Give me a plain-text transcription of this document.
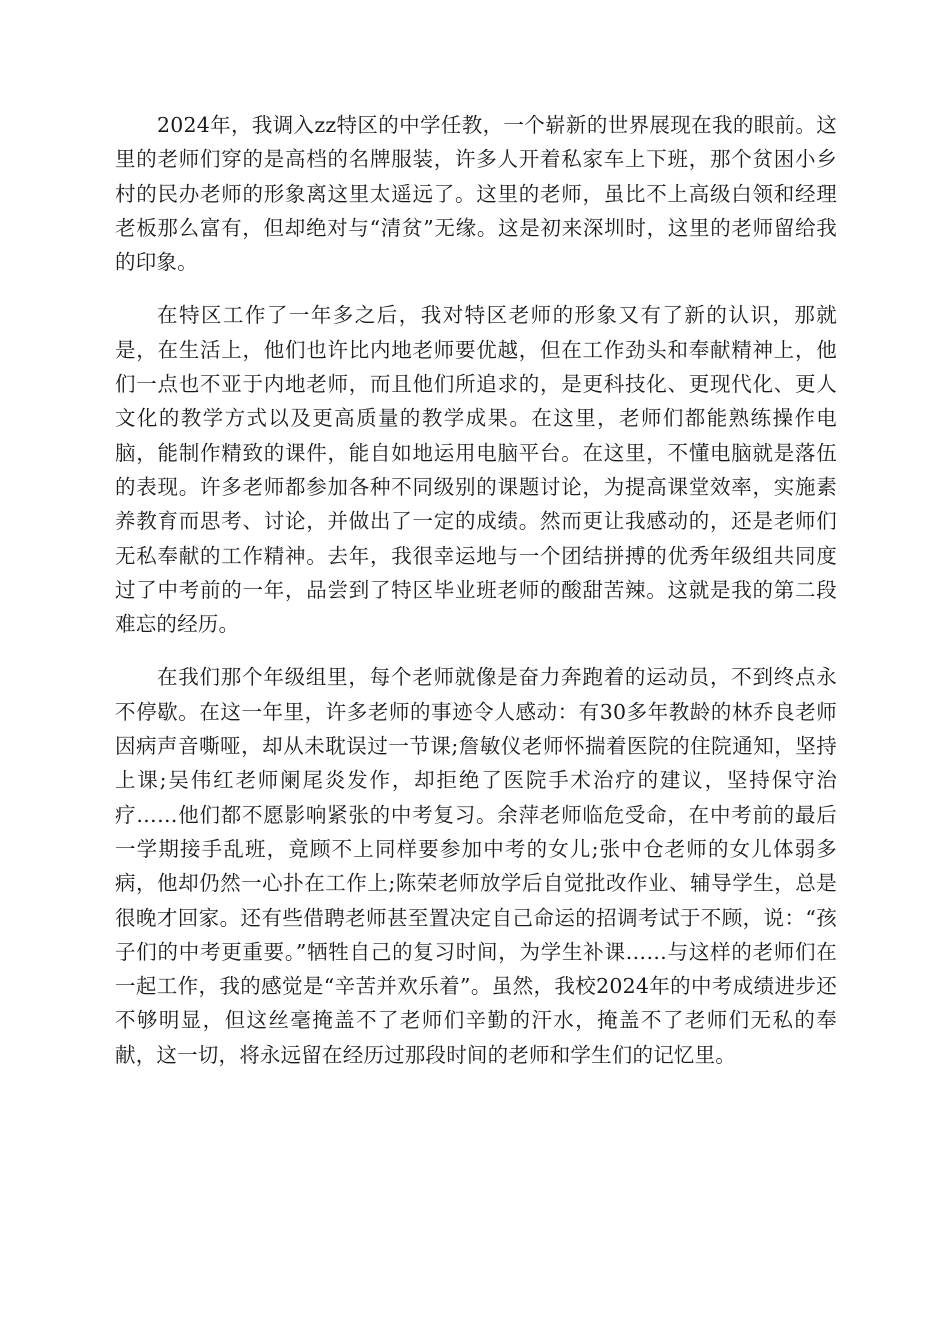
2024年，我调入zz特区的中学任教，一个崭新的世界展现在我的眼前。这里的老师们穿的是高档的名牌服装，许多人开着私家车上下班，那个贫困小乡村的民办老师的形象离这里太遥远了。这里的老师，虽比不上高级白领和经理老板那么富有，但却绝对与“清贫”无缘。这是初来深圳时，这里的老师留给我的印象。

在特区工作了一年多之后，我对特区老师的形象又有了新的认识，那就是，在生活上，他们也许比内地老师要优越，但在工作劲头和奉献精神上，他们一点也不亚于内地老师，而且他们所追求的，是更科技化、更现代化、更人文化的教学方式以及更高质量的教学成果。在这里，老师们都能熟练操作电脑，能制作精致的课件，能自如地运用电脑平台。在这里，不懂电脑就是落伍的表现。许多老师都参加各种不同级别的课题讨论，为提高课堂效率，实施素养教育而思考、讨论，并做出了一定的成绩。然而更让我感动的，还是老师们无私奉献的工作精神。去年，我很幸运地与一个团结拼搏的优秀年级组共同度过了中考前的一年，品尝到了特区毕业班老师的酸甜苦辣。这就是我的第二段难忘的经历。

在我们那个年级组里，每个老师就像是奋力奔跑着的运动员，不到终点永不停歇。在这一年里，许多老师的事迹令人感动：有30多年教龄的林乔良老师因病声音嘶哑，却从未耽误过一节课;詹敏仪老师怀揣着医院的住院通知，坚持上课;吴伟红老师阑尾炎发作，却拒绝了医院手术治疗的建议，坚持保守治疗……他们都不愿影响紧张的中考复习。余萍老师临危受命，在中考前的最后一学期接手乱班，竟顾不上同样要参加中考的女儿;张中仓老师的女儿体弱多病，他却仍然一心扑在工作上;陈荣老师放学后自觉批改作业、辅导学生，总是很晚才回家。还有些借聘老师甚至置决定自己命运的招调考试于不顾，说：“孩子们的中考更重要。”牺牲自己的复习时间，为学生补课……与这样的老师们在一起工作，我的感觉是“辛苦并欢乐着”。虽然，我校2024年的中考成绩进步还不够明显，但这丝毫掩盖不了老师们辛勤的汗水，掩盖不了老师们无私的奉献，这一切，将永远留在经历过那段时间的老师和学生们的记忆里。
